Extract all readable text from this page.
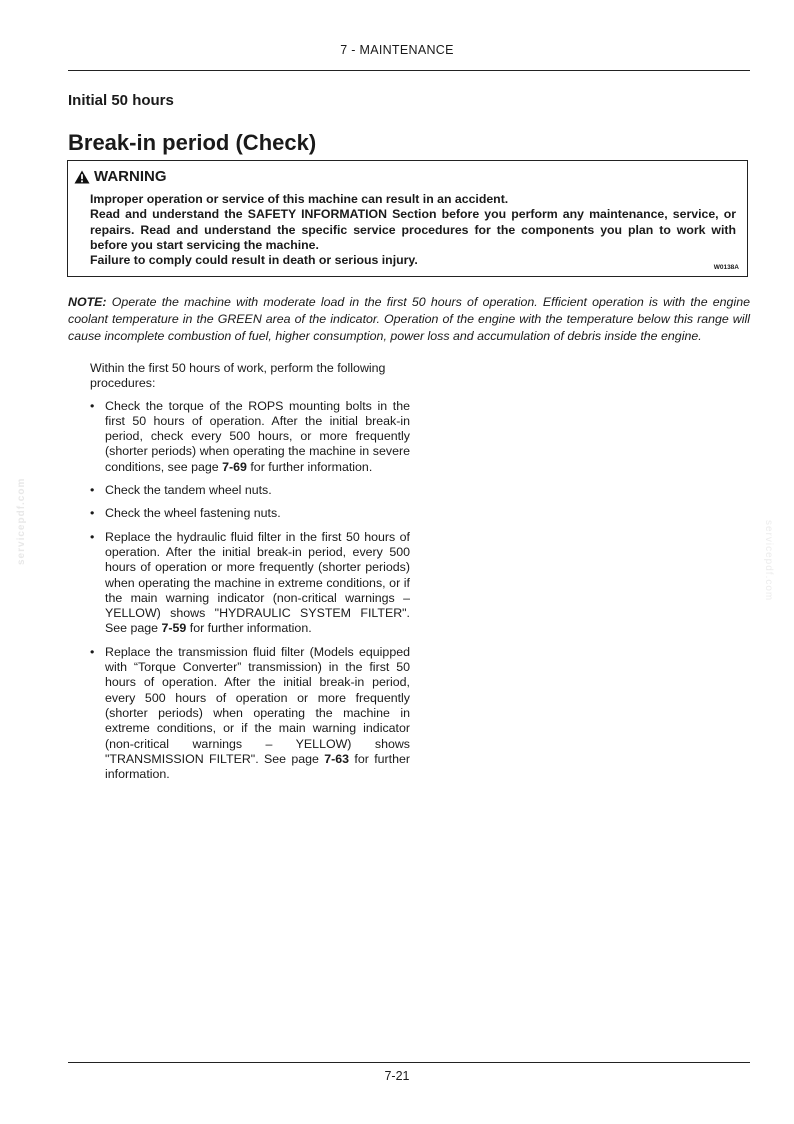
7 - MAINTENANCE
Initial 50 hours
Break-in period (Check)
WARNING
Improper operation or service of this machine can result in an accident.
Read and understand the SAFETY INFORMATION Section before you perform any maintenance, service, or repairs. Read and understand the specific service procedures for the components you plan to work with before you start servicing the machine.
Failure to comply could result in death or serious injury.
W0138A
NOTE: Operate the machine with moderate load in the first 50 hours of operation. Efficient operation is with the engine coolant temperature in the GREEN area of the indicator. Operation of the engine with the temperature below this range will cause incomplete combustion of fuel, higher consumption, power loss and accumulation of debris inside the engine.
Within the first 50 hours of work, perform the following procedures:
• Check the torque of the ROPS mounting bolts in the first 50 hours of operation. After the initial break-in period, check every 500 hours, or more frequently (shorter periods) when operating the machine in severe conditions, see page 7-69 for further information.
• Check the tandem wheel nuts.
• Check the wheel fastening nuts.
• Replace the hydraulic fluid filter in the first 50 hours of operation. After the initial break-in period, every 500 hours of operation or more frequently (shorter periods) when operating the machine in extreme conditions, or if the main warning indicator (non-critical warnings – YELLOW) shows "HYDRAULIC SYSTEM FILTER". See page 7-59 for further information.
• Replace the transmission fluid filter (Models equipped with “Torque Converter” transmission) in the first 50 hours of operation. After the initial break-in period, every 500 hours of operation or more frequently (shorter periods) when operating the machine in extreme conditions, or if the main warning indicator (non-critical warnings – YELLOW) shows "TRANSMISSION FILTER". See page 7-63 for further information.
servicepdf.com	servicepdf.com
7-21
